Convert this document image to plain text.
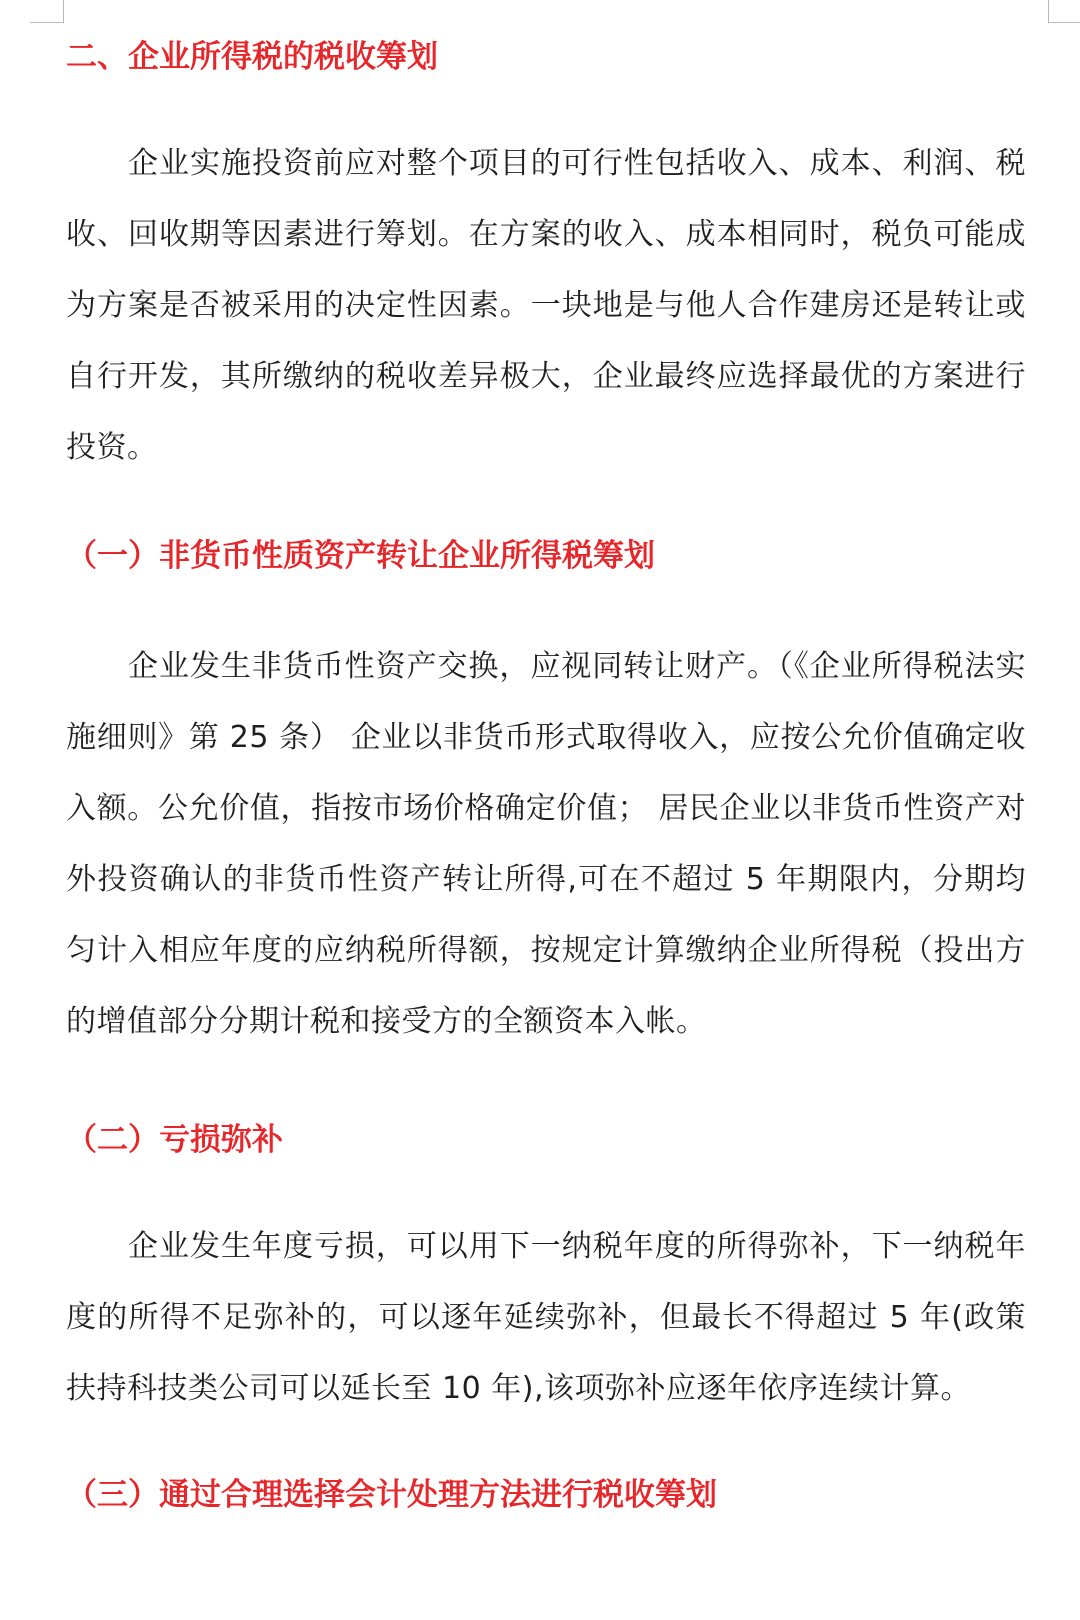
二、企业所得税的税收筹划

企业实施投资前应对整个项目的可行性包括收入、成本、利润、税收、回收期等因素进行筹划。在方案的收入、成本相同时，税负可能成为方案是否被采用的决定性因素。一块地是与他人合作建房还是转让或自行开发，其所缴纳的税收差异极大，企业最终应选择最优的方案进行投资。

（一）非货币性质资产转让企业所得税筹划

企业发生非货币性资产交换，应视同转让财产。（《企业所得税法实施细则》第 25 条） 企业以非货币形式取得收入，应按公允价值确定收入额。公允价值，指按市场价格确定价值； 居民企业以非货币性资产对外投资确认的非货币性资产转让所得,可在不超过 5 年期限内，分期均匀计入相应年度的应纳税所得额，按规定计算缴纳企业所得税（投出方的增值部分分期计税和接受方的全额资本入帐。

（二）亏损弥补

企业发生年度亏损，可以用下一纳税年度的所得弥补，下一纳税年度的所得不足弥补的，可以逐年延续弥补，但最长不得超过 5 年(政策扶持科技类公司可以延长至 10 年),该项弥补应逐年依序连续计算。

（三）通过合理选择会计处理方法进行税收筹划
